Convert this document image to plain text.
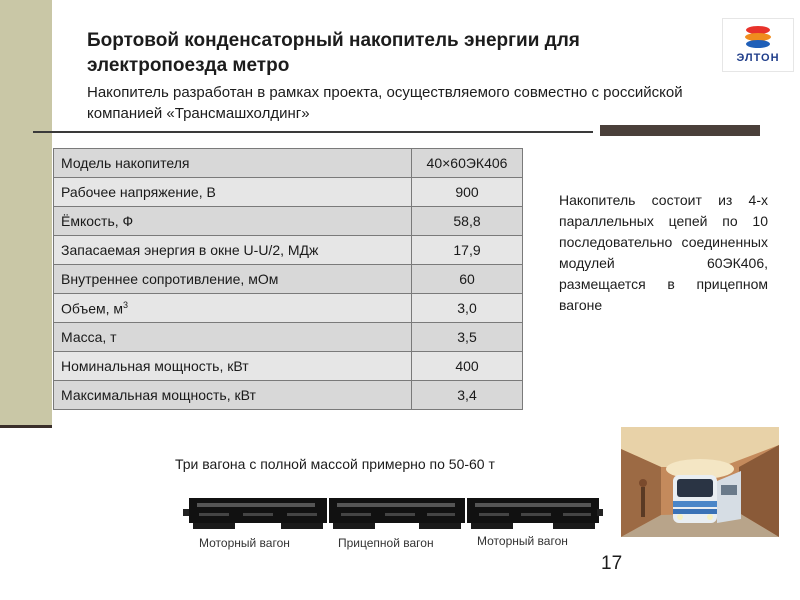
Бортовой конденсаторный накопитель энергии для электропоезда метро
Накопитель разработан в рамках проекта, осуществляемого совместно с российской компанией «Трансмашхолдинг»
ЭЛТОН
Модель накопителя	40×60ЭК406
Рабочее напряжение, В	900
Ёмкость, Ф	58,8
Запасаемая энергия в окне U-U/2, МДж	17,9
Внутреннее сопротивление, мОм	60
Объем, $м^3$	3,0
Масса, т	3,5
Номинальная мощность, кВт	400
Максимальная мощность, кВт	3,4
Накопитель состоит из 4-х параллельных цепей по 10 последовательно соединенных модулей 60ЭК406, размещается в прицепном вагоне
Три вагона с полной массой примерно по 50-60 т
Моторный вагон	Прицепной вагон	Моторный вагон
17
